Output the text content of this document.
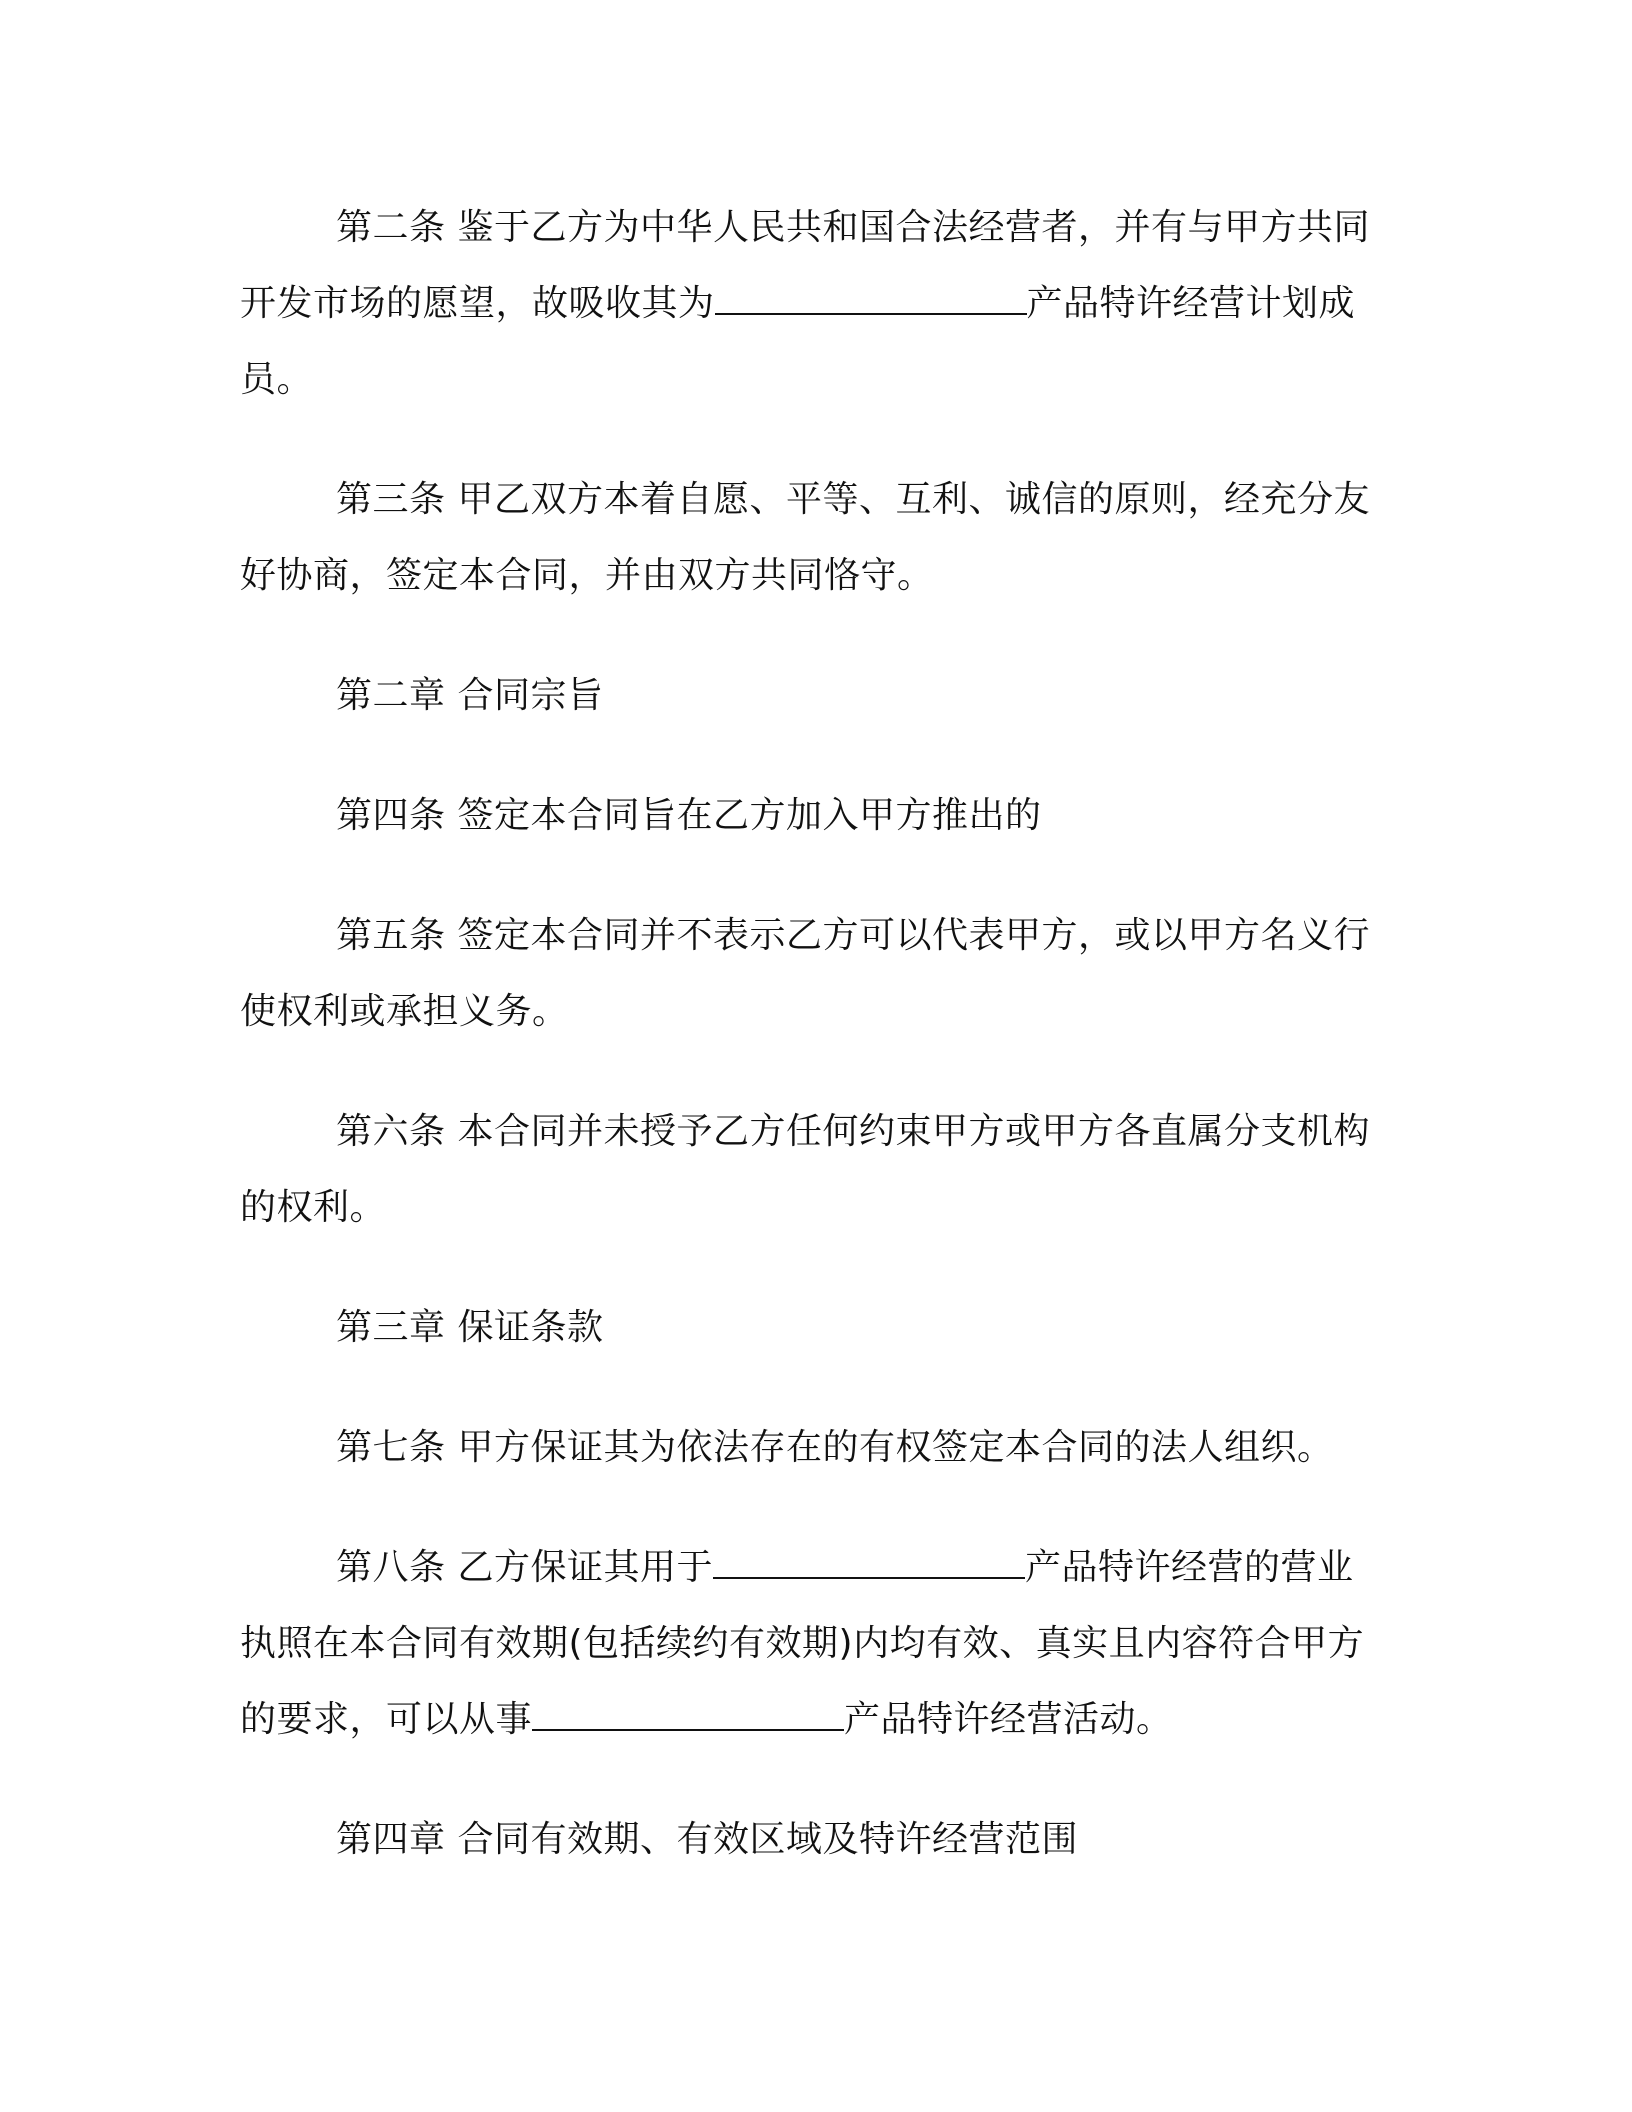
第二条 鉴于乙方为中华人民共和国合法经营者，并有与甲方共同开发市场的愿望，故吸收其为	产品特许经营计划成员。

第三条 甲乙双方本着自愿、平等、互利、诚信的原则，经充分友好协商，签定本合同，并由双方共同恪守。

第二章 合同宗旨

第四条 签定本合同旨在乙方加入甲方推出的

第五条 签定本合同并不表示乙方可以代表甲方，或以甲方名义行使权利或承担义务。

第六条 本合同并未授予乙方任何约束甲方或甲方各直属分支机构的权利。

第三章 保证条款

第七条 甲方保证其为依法存在的有权签定本合同的法人组织。

第八条 乙方保证其用于	产品特许经营的营业执照在本合同有效期(包括续约有效期)内均有效、真实且内容符合甲方的要求，可以从事	产品特许经营活动。

第四章 合同有效期、有效区域及特许经营范围
